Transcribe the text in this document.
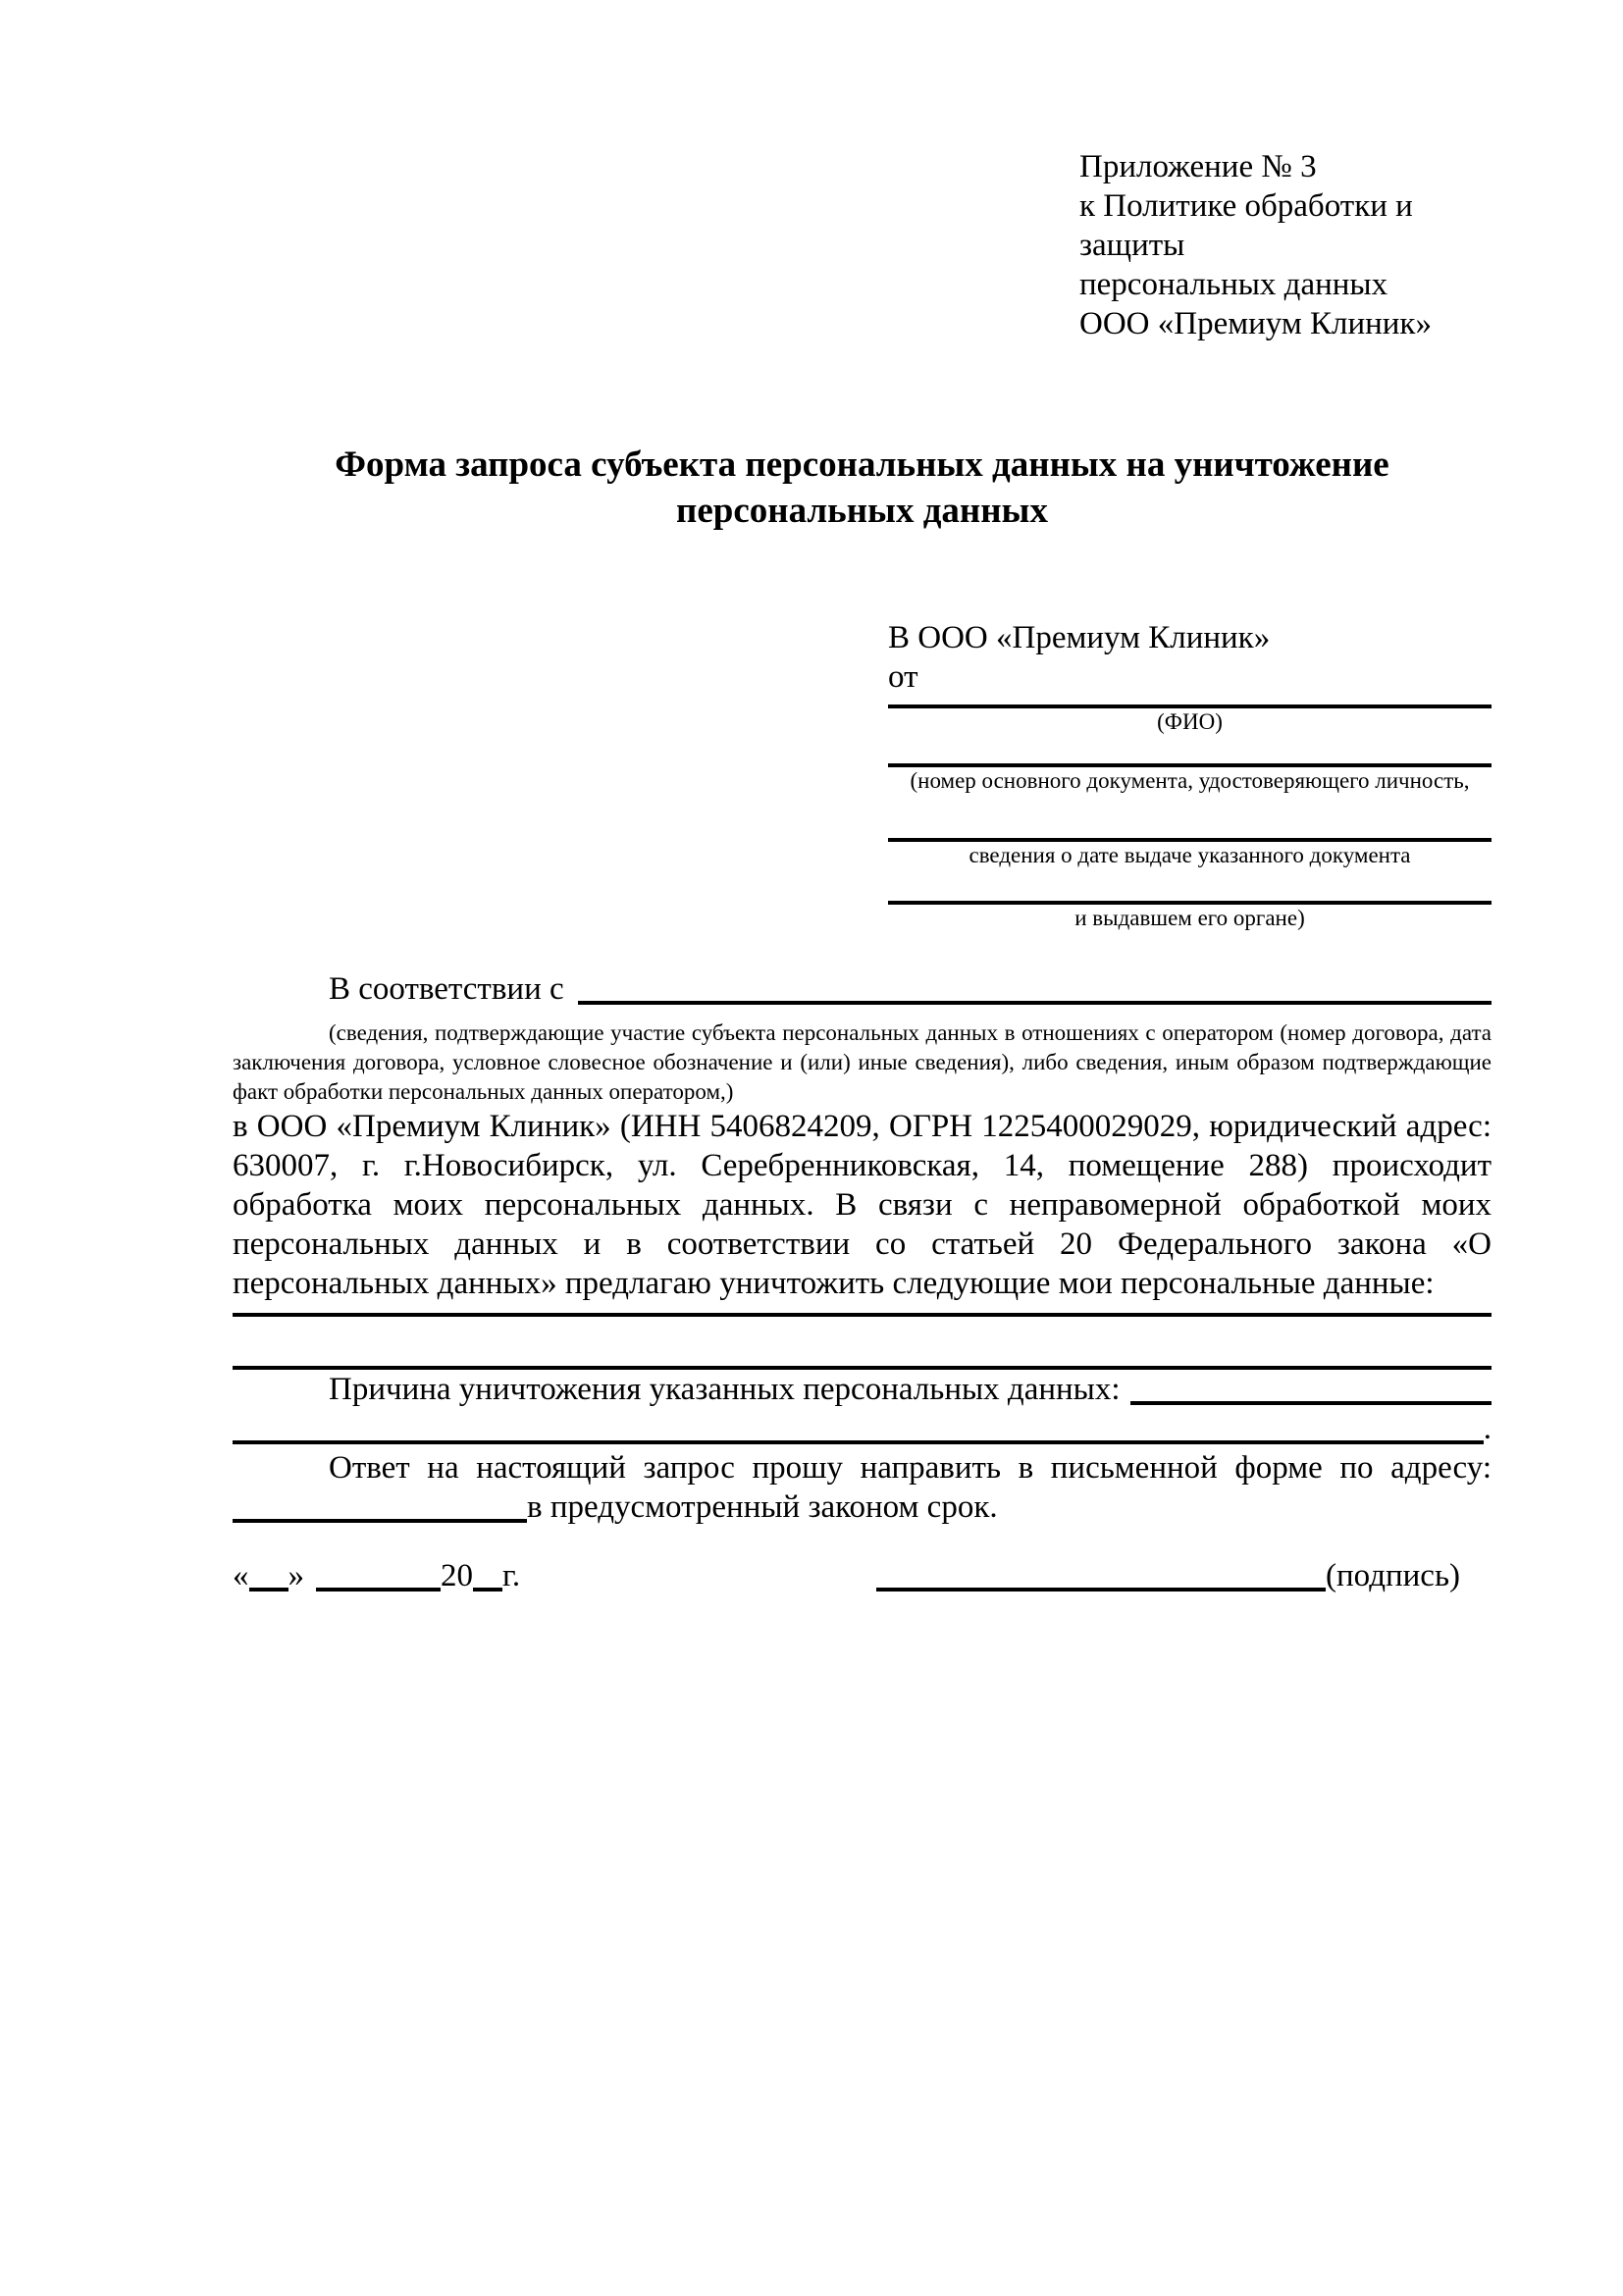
Приложение № 3
к Политике обработки и защиты
персональных данных
ООО «Премиум Клиник»
Форма запроса субъекта персональных данных на уничтожение
персональных данных
В ООО «Премиум Клиник»
от
(ФИО)
(номер основного документа, удостоверяющего личность,
сведения о дате выдаче указанного документа
и выдавшем его органе)
В соответствии с

(сведения, подтверждающие участие субъекта персональных данных в отношениях с оператором (номер договора, дата заключения договора, условное словесное обозначение и (или) иные сведения), либо сведения, иным образом подтверждающие факт обработки персональных данных оператором,)

в ООО «Премиум Клиник» (ИНН 5406824209, ОГРН 1225400029029, юридический адрес: 630007, г. г.Новосибирск, ул. Серебренниковская, 14, помещение 288) происходит обработка моих персональных данных. В связи с неправомерной обработкой моих персональных данных и в соответствии со статьей 20 Федерального закона «О персональных данных» предлагаю уничтожить следующие мои персональные данные:

Причина уничтожения указанных персональных данных:
.

Ответ на настоящий запрос прошу направить в письменной форме по адресу:

в предусмотренный законом срок.
« »	20 г.	(подпись)
